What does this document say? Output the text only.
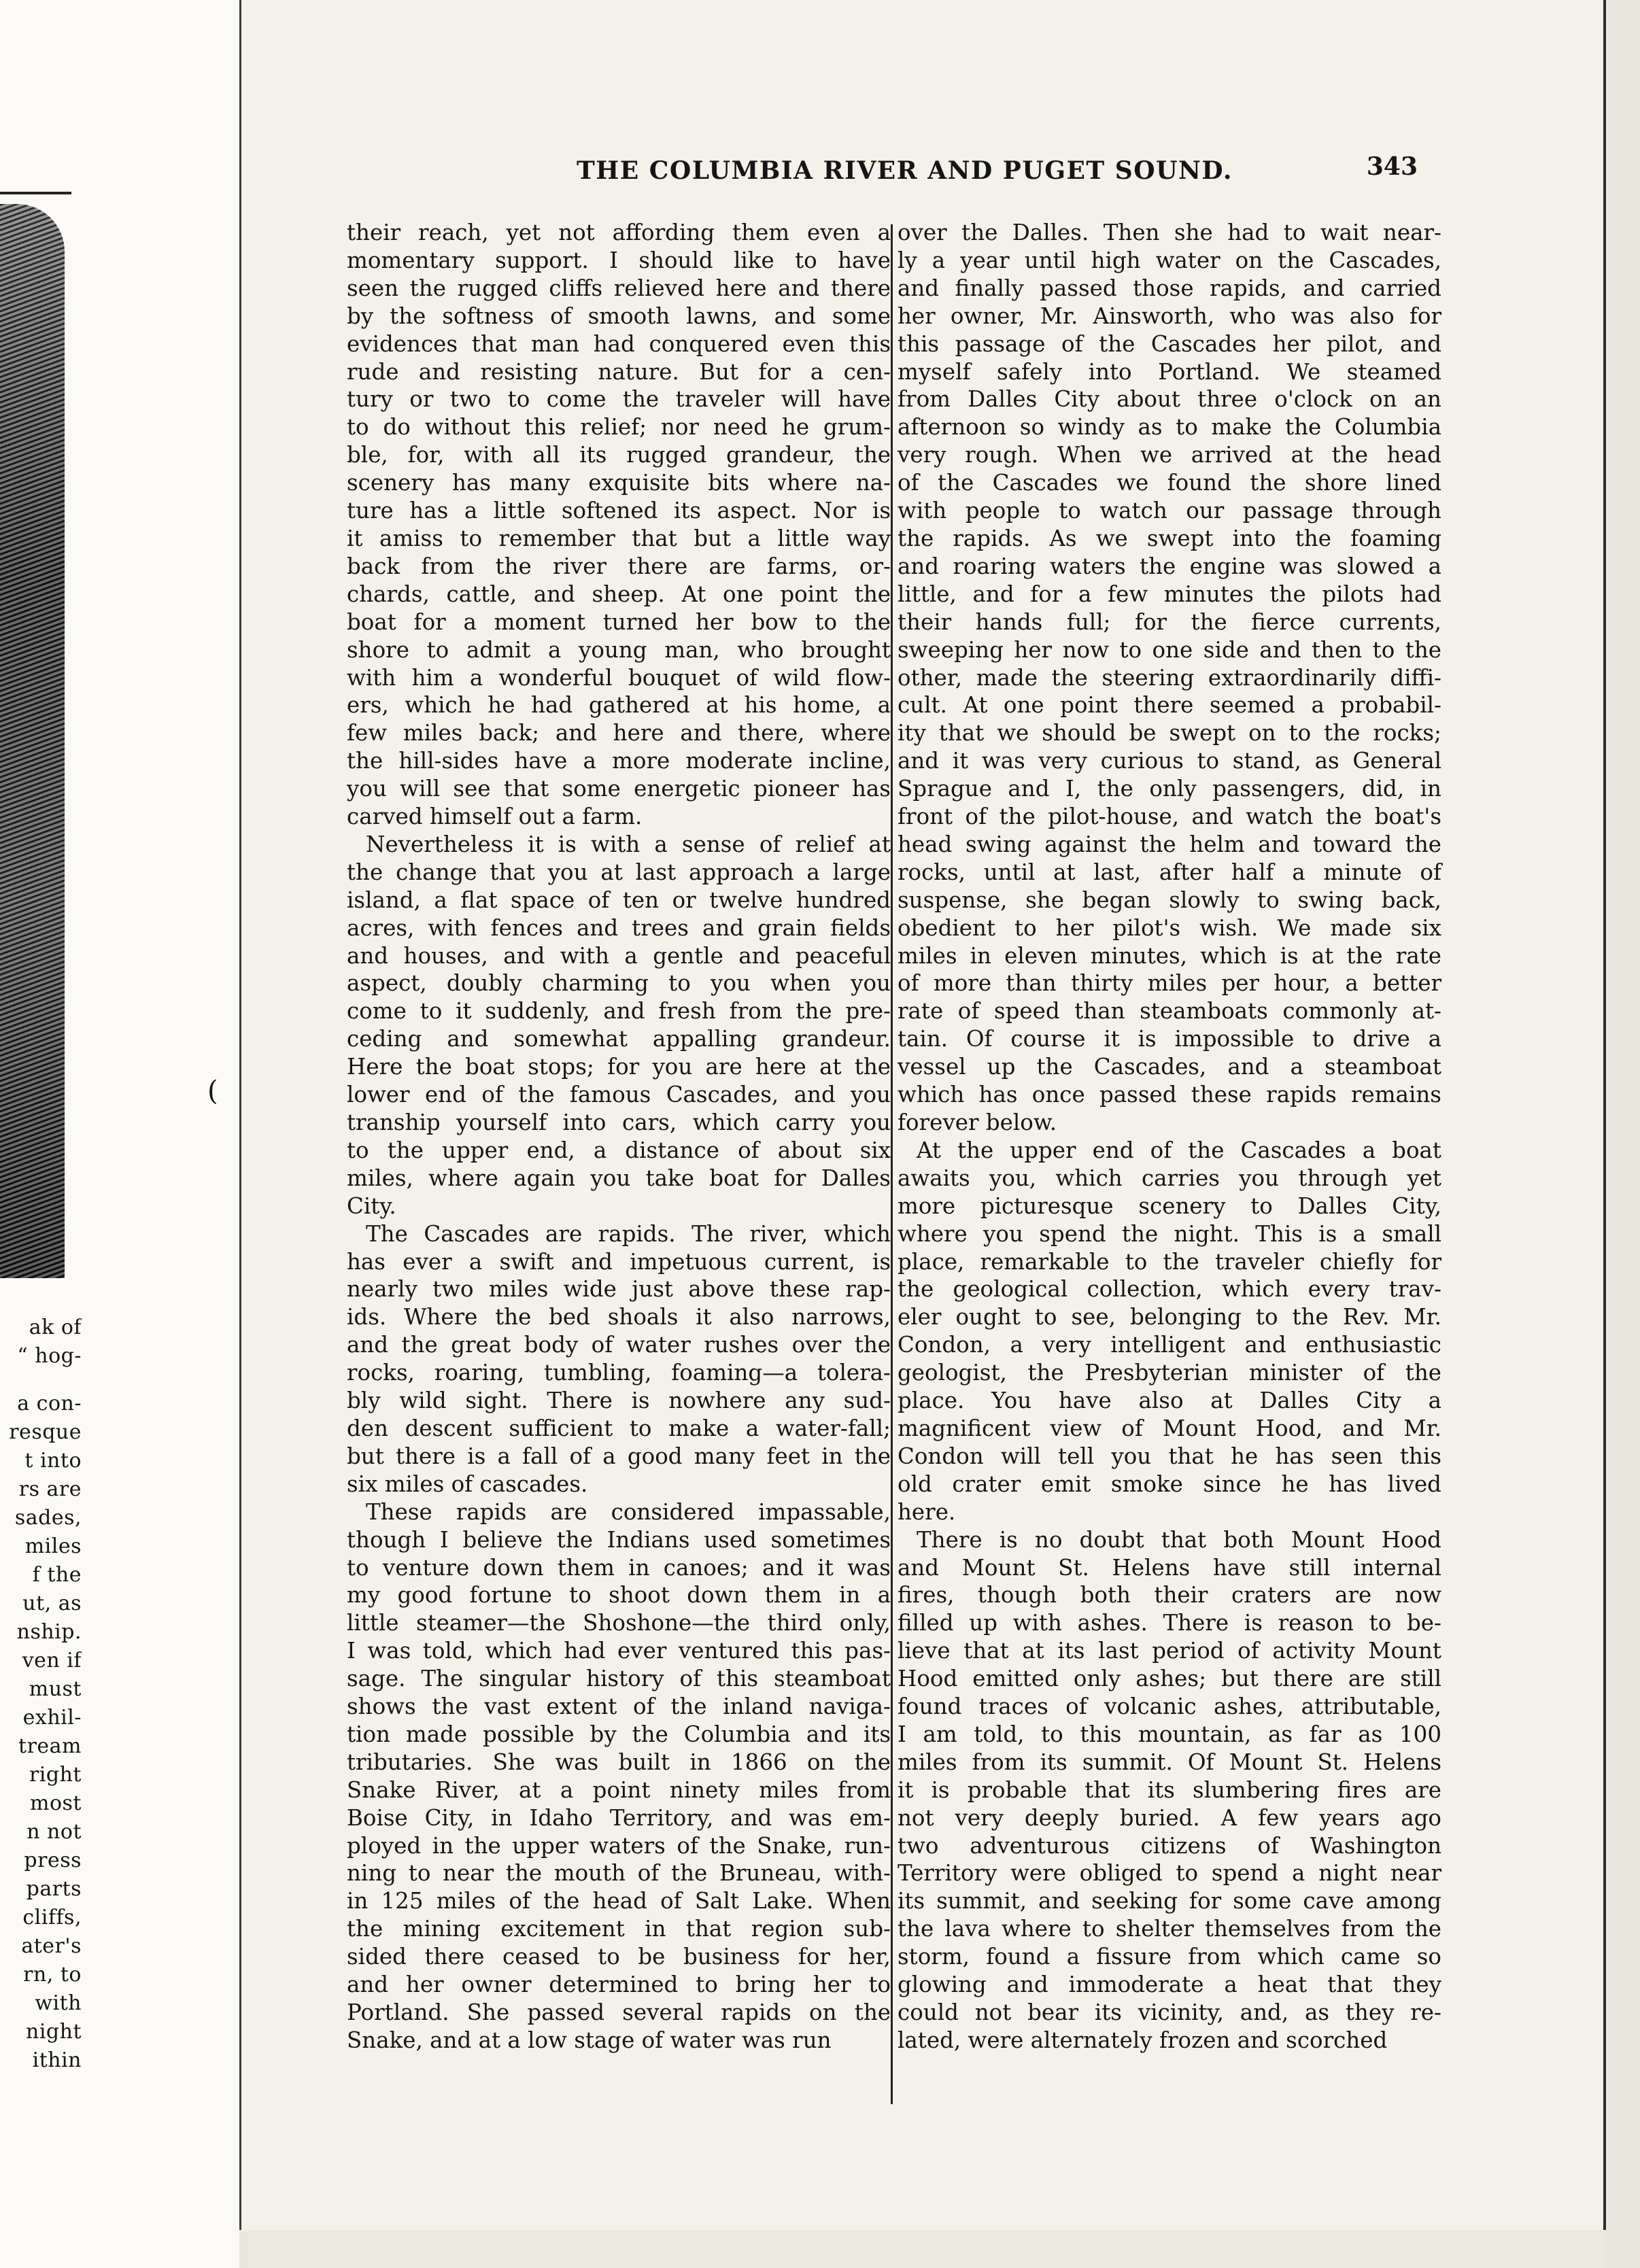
ak of
“ hog-
a con-
resque
t into
rs are
sades,
miles
f the
ut, as
nship.
ven if
must
exhil-
tream
right
most
n not
press
parts
cliffs,
ater's
rn, to
with
night
ithin
(
THE COLUMBIA RIVER AND PUGET SOUND.	343
their reach, yet not affording them even a
momentary support. I should like to have
seen the rugged cliffs relieved here and there
by the softness of smooth lawns, and some
evidences that man had conquered even this
rude and resisting nature. But for a cen-
tury or two to come the traveler will have
to do without this relief; nor need he grum-
ble, for, with all its rugged grandeur, the
scenery has many exquisite bits where na-
ture has a little softened its aspect. Nor is
it amiss to remember that but a little way
back from the river there are farms, or-
chards, cattle, and sheep. At one point the
boat for a moment turned her bow to the
shore to admit a young man, who brought
with him a wonderful bouquet of wild flow-
ers, which he had gathered at his home, a
few miles back; and here and there, where
the hill-sides have a more moderate incline,
you will see that some energetic pioneer has
carved himself out a farm.
Nevertheless it is with a sense of relief at
the change that you at last approach a large
island, a flat space of ten or twelve hundred
acres, with fences and trees and grain fields
and houses, and with a gentle and peaceful
aspect, doubly charming to you when you
come to it suddenly, and fresh from the pre-
ceding and somewhat appalling grandeur.
Here the boat stops; for you are here at the
lower end of the famous Cascades, and you
tranship yourself into cars, which carry you
to the upper end, a distance of about six
miles, where again you take boat for Dalles
City.
The Cascades are rapids. The river, which
has ever a swift and impetuous current, is
nearly two miles wide just above these rap-
ids. Where the bed shoals it also narrows,
and the great body of water rushes over the
rocks, roaring, tumbling, foaming—a tolera-
bly wild sight. There is nowhere any sud-
den descent sufficient to make a water-fall;
but there is a fall of a good many feet in the
six miles of cascades.
These rapids are considered impassable,
though I believe the Indians used sometimes
to venture down them in canoes; and it was
my good fortune to shoot down them in a
little steamer—the Shoshone—the third only,
I was told, which had ever ventured this pas-
sage. The singular history of this steamboat
shows the vast extent of the inland naviga-
tion made possible by the Columbia and its
tributaries. She was built in 1866 on the
Snake River, at a point ninety miles from
Boise City, in Idaho Territory, and was em-
ployed in the upper waters of the Snake, run-
ning to near the mouth of the Bruneau, with-
in 125 miles of the head of Salt Lake. When
the mining excitement in that region sub-
sided there ceased to be business for her,
and her owner determined to bring her to
Portland. She passed several rapids on the
Snake, and at a low stage of water was run
over the Dalles. Then she had to wait near-
ly a year until high water on the Cascades,
and finally passed those rapids, and carried
her owner, Mr. Ainsworth, who was also for
this passage of the Cascades her pilot, and
myself safely into Portland. We steamed
from Dalles City about three o'clock on an
afternoon so windy as to make the Columbia
very rough. When we arrived at the head
of the Cascades we found the shore lined
with people to watch our passage through
the rapids. As we swept into the foaming
and roaring waters the engine was slowed a
little, and for a few minutes the pilots had
their hands full; for the fierce currents,
sweeping her now to one side and then to the
other, made the steering extraordinarily diffi-
cult. At one point there seemed a probabil-
ity that we should be swept on to the rocks;
and it was very curious to stand, as General
Sprague and I, the only passengers, did, in
front of the pilot-house, and watch the boat's
head swing against the helm and toward the
rocks, until at last, after half a minute of
suspense, she began slowly to swing back,
obedient to her pilot's wish. We made six
miles in eleven minutes, which is at the rate
of more than thirty miles per hour, a better
rate of speed than steamboats commonly at-
tain. Of course it is impossible to drive a
vessel up the Cascades, and a steamboat
which has once passed these rapids remains
forever below.
At the upper end of the Cascades a boat
awaits you, which carries you through yet
more picturesque scenery to Dalles City,
where you spend the night. This is a small
place, remarkable to the traveler chiefly for
the geological collection, which every trav-
eler ought to see, belonging to the Rev. Mr.
Condon, a very intelligent and enthusiastic
geologist, the Presbyterian minister of the
place. You have also at Dalles City a
magnificent view of Mount Hood, and Mr.
Condon will tell you that he has seen this
old crater emit smoke since he has lived
here.
There is no doubt that both Mount Hood
and Mount St. Helens have still internal
fires, though both their craters are now
filled up with ashes. There is reason to be-
lieve that at its last period of activity Mount
Hood emitted only ashes; but there are still
found traces of volcanic ashes, attributable,
I am told, to this mountain, as far as 100
miles from its summit. Of Mount St. Helens
it is probable that its slumbering fires are
not very deeply buried. A few years ago
two adventurous citizens of Washington
Territory were obliged to spend a night near
its summit, and seeking for some cave among
the lava where to shelter themselves from the
storm, found a fissure from which came so
glowing and immoderate a heat that they
could not bear its vicinity, and, as they re-
lated, were alternately frozen and scorched
